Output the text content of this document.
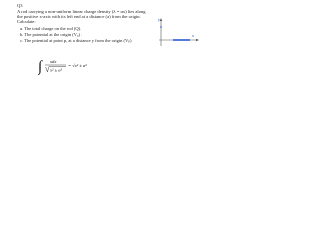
Q3
A rod carrying a non-uniform linear charge density (λ = αx) lies along
the positive x-axis with its left end at a distance (a) from the origin.
Calculate:
a. The total charge on the rod (Q).
b. The potential at the origin (V₀) .
c. The potential at point p, at a distance y from the origin (Vₚ)
y
x
∫	xdx
x² ± a²
= √x² ± a²
